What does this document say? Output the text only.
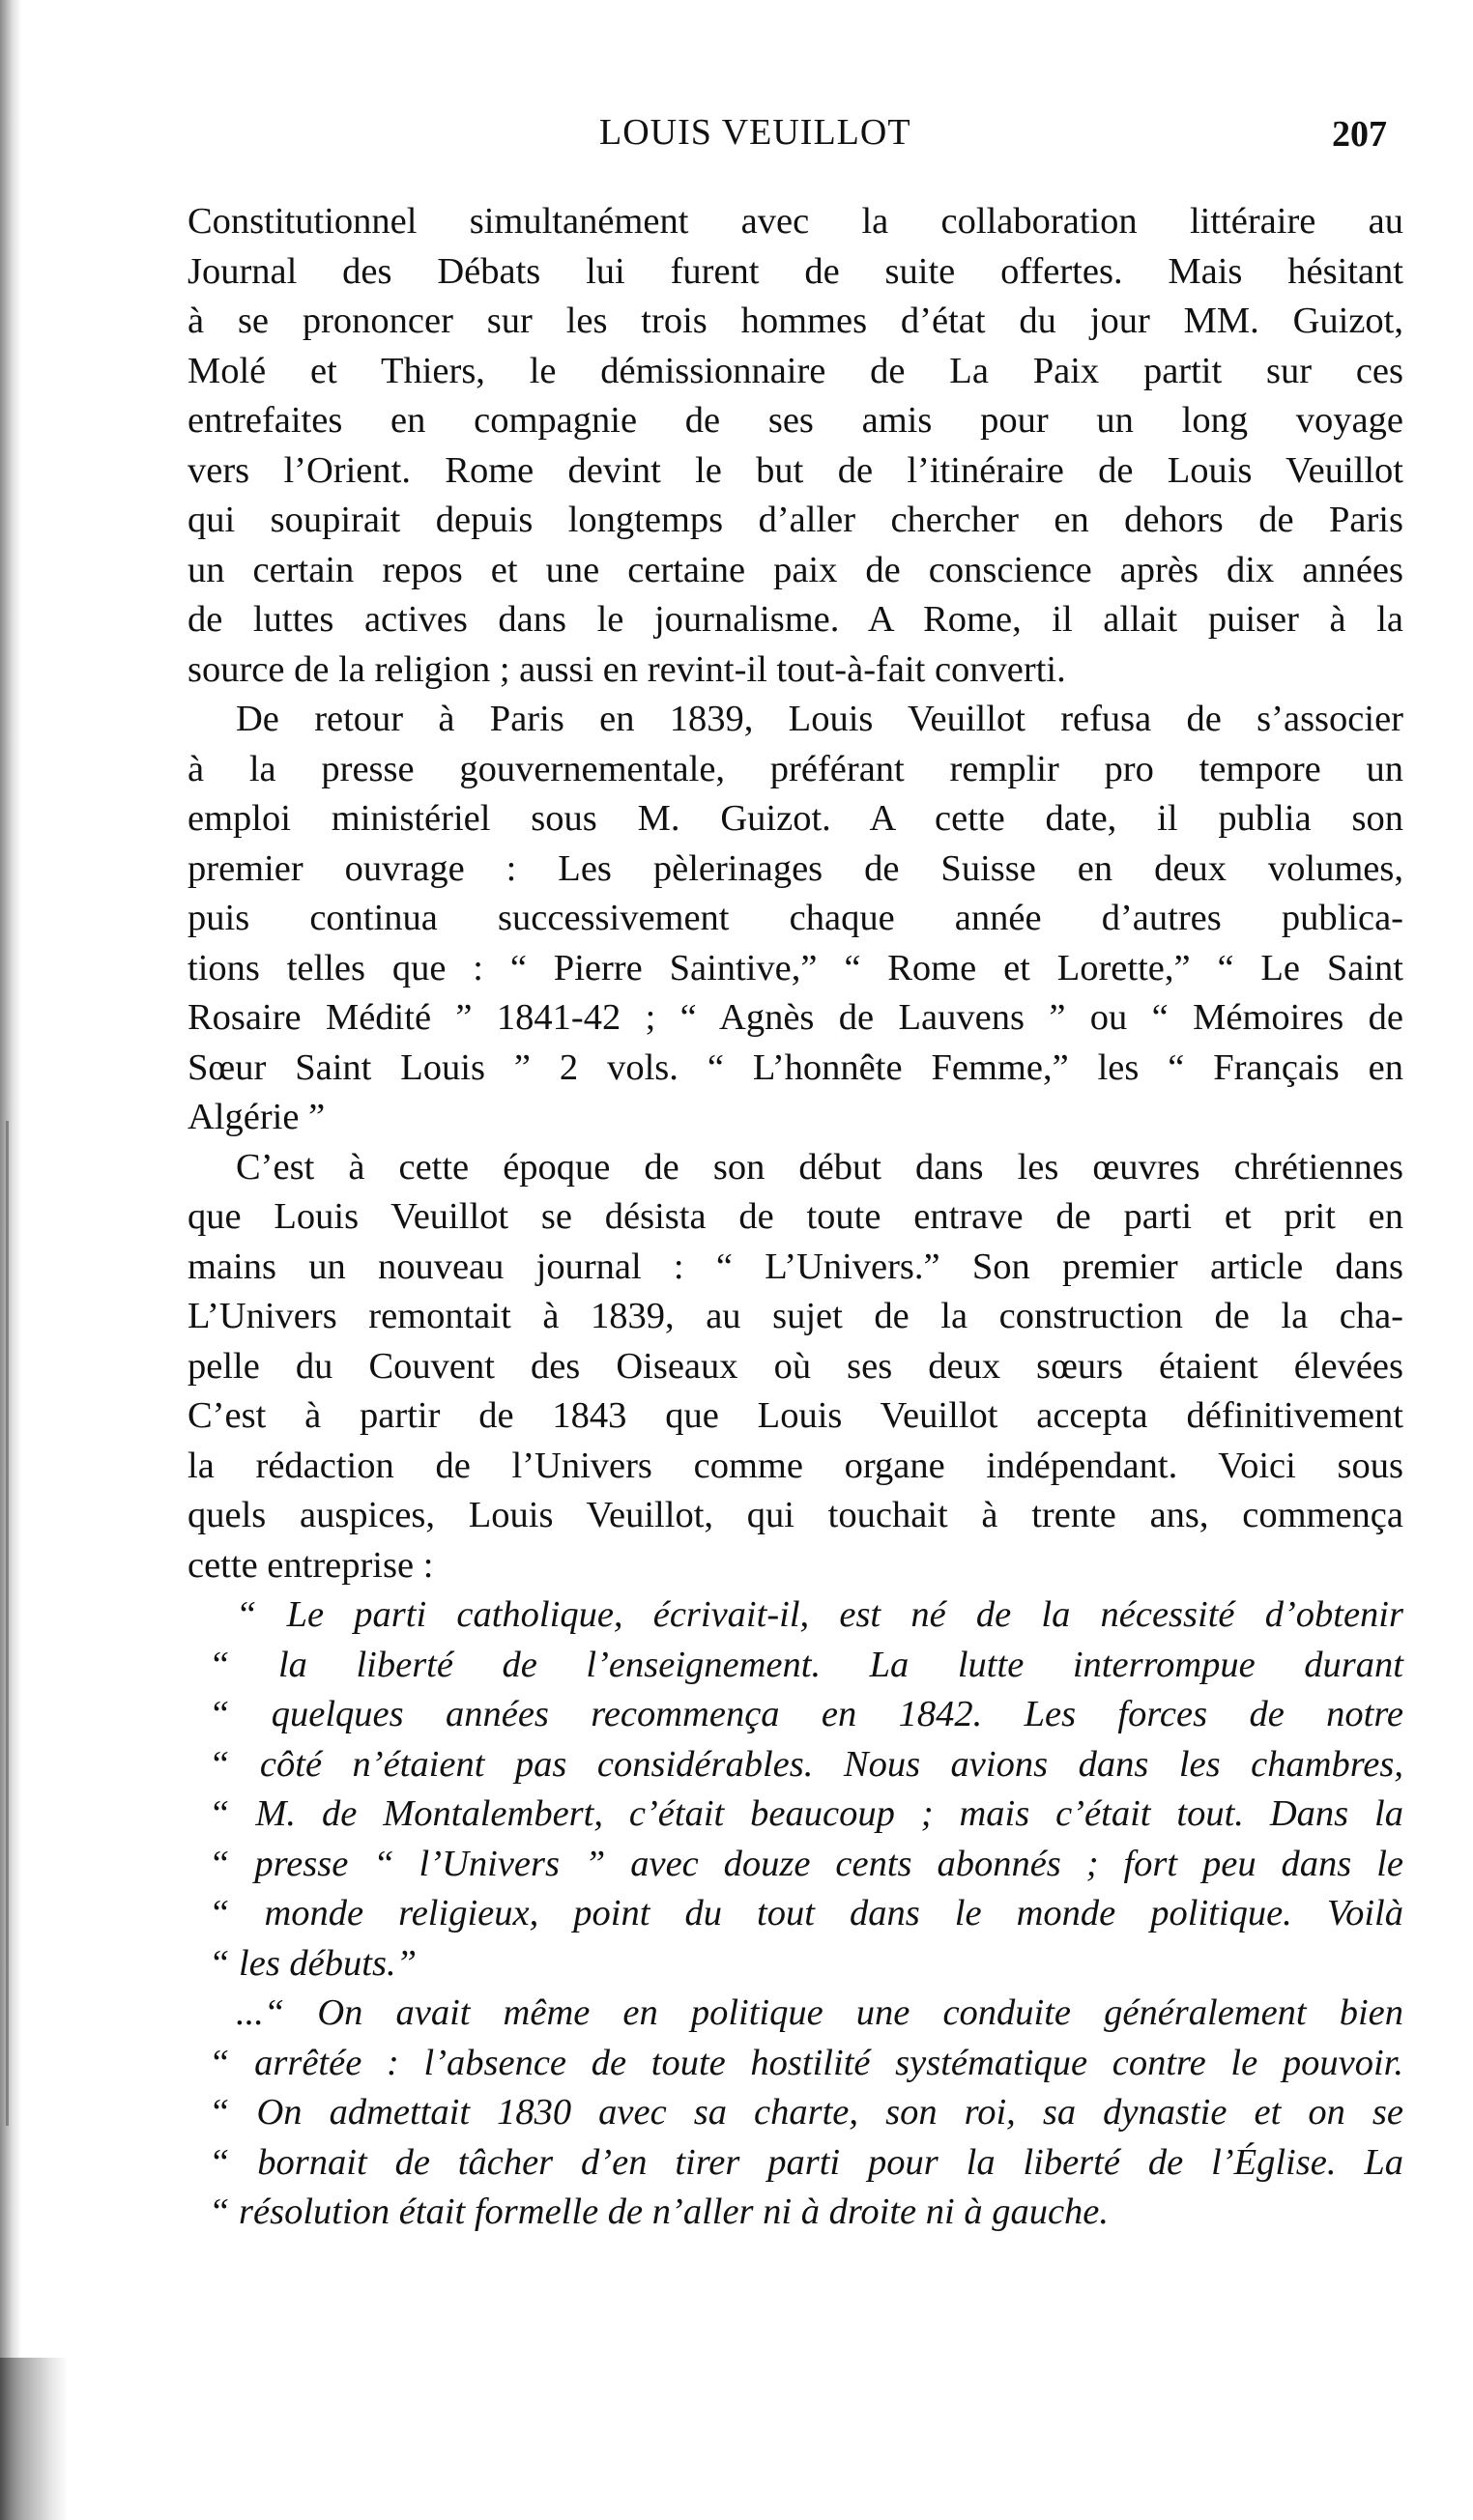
LOUIS VEUILLOT	207
Constitutionnel simultanément avec la collaboration littéraire au
Journal des Débats lui furent de suite offertes. Mais hésitant
à se prononcer sur les trois hommes d’état du jour MM. Guizot,
Molé et Thiers, le démissionnaire de La Paix partit sur ces
entrefaites en compagnie de ses amis pour un long voyage
vers l’Orient. Rome devint le but de l’itinéraire de Louis Veuillot
qui soupirait depuis longtemps d’aller chercher en dehors de Paris
un certain repos et une certaine paix de conscience après dix années
de luttes actives dans le journalisme. A Rome, il allait puiser à la
source de la religion ; aussi en revint-il tout-à-fait converti.
De retour à Paris en 1839, Louis Veuillot refusa de s’associer
à la presse gouvernementale, préférant remplir pro tempore un
emploi ministériel sous M. Guizot. A cette date, il publia son
premier ouvrage : Les pèlerinages de Suisse en deux volumes,
puis continua successivement chaque année d’autres publica-
tions telles que : “ Pierre Saintive,” “ Rome et Lorette,” “ Le Saint
Rosaire Médité ” 1841-42 ; “ Agnès de Lauvens ” ou “ Mémoires de
Sœur Saint Louis ” 2 vols. “ L’honnête Femme,” les “ Français en
Algérie ”
C’est à cette époque de son début dans les œuvres chrétiennes
que Louis Veuillot se désista de toute entrave de parti et prit en
mains un nouveau journal : “ L’Univers.” Son premier article dans
L’Univers remontait à 1839, au sujet de la construction de la cha-
pelle du Couvent des Oiseaux où ses deux sœurs étaient élevées
C’est à partir de 1843 que Louis Veuillot accepta définitivement
la rédaction de l’Univers comme organe indépendant. Voici sous
quels auspices, Louis Veuillot, qui touchait à trente ans, commença
cette entreprise :
“ Le parti catholique, écrivait-il, est né de la nécessité d’obtenir
“ la liberté de l’enseignement. La lutte interrompue durant
“ quelques années recommença en 1842. Les forces de notre
“ côté n’étaient pas considérables. Nous avions dans les chambres,
“ M. de Montalembert, c’était beaucoup ; mais c’était tout. Dans la
“ presse “ l’Univers ” avec douze cents abonnés ; fort peu dans le
“ monde religieux, point du tout dans le monde politique. Voilà
“ les débuts.”
...“ On avait même en politique une conduite généralement bien
“ arrêtée : l’absence de toute hostilité systématique contre le pouvoir.
“ On admettait 1830 avec sa charte, son roi, sa dynastie et on se
“ bornait de tâcher d’en tirer parti pour la liberté de l’Église. La
“ résolution était formelle de n’aller ni à droite ni à gauche.
